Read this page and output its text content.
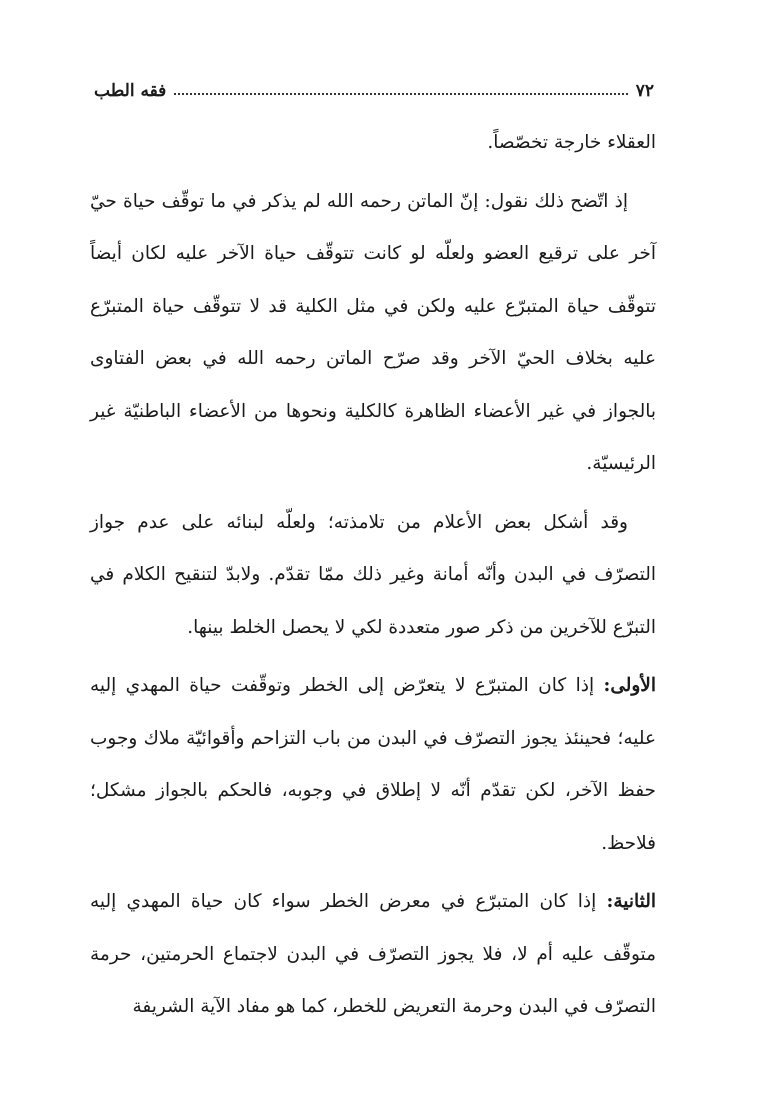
٧٢
فقه الطب

العقلاء خارجة تخصّصاً.

إذ اتّضح ذلك نقول: إنّ الماتن رحمه الله لم يذكر في ما توقّف حياة حيّ آخر على ترقيع العضو ولعلّه لو كانت تتوقّف حياة الآخر عليه لكان أيضاً تتوقّف حياة المتبرّع عليه ولكن في مثل الكلية قد لا تتوقّف حياة المتبرّع عليه بخلاف الحيّ الآخر وقد صرّح الماتن رحمه الله في بعض الفتاوى بالجواز في غير الأعضاء الظاهرة كالكلية ونحوها من الأعضاء الباطنيّة غير الرئيسيّة.

وقد أشكل بعض الأعلام من تلامذته؛ ولعلّه لبنائه على عدم جواز التصرّف في البدن وأنّه أمانة وغير ذلك ممّا تقدّم. ولابدّ لتنقيح الكلام في التبرّع للآخرين من ذكر صور متعددة لكي لا يحصل الخلط بينها.

الأولى: إذا كان المتبرّع لا يتعرّض إلى الخطر وتوقّفت حياة المهدي إليه عليه؛ فحينئذ يجوز التصرّف في البدن من باب التزاحم وأقوائيّة ملاك وجوب حفظ الآخر، لكن تقدّم أنّه لا إطلاق في وجوبه، فالحكم بالجواز مشكل؛ فلاحظ.

الثانية: إذا كان المتبرّع في معرض الخطر سواء كان حياة المهدي إليه متوقّف عليه أم لا، فلا يجوز التصرّف في البدن لاجتماع الحرمتين، حرمة التصرّف في البدن وحرمة التعريض للخطر، كما هو مفاد الآية الشريفة
